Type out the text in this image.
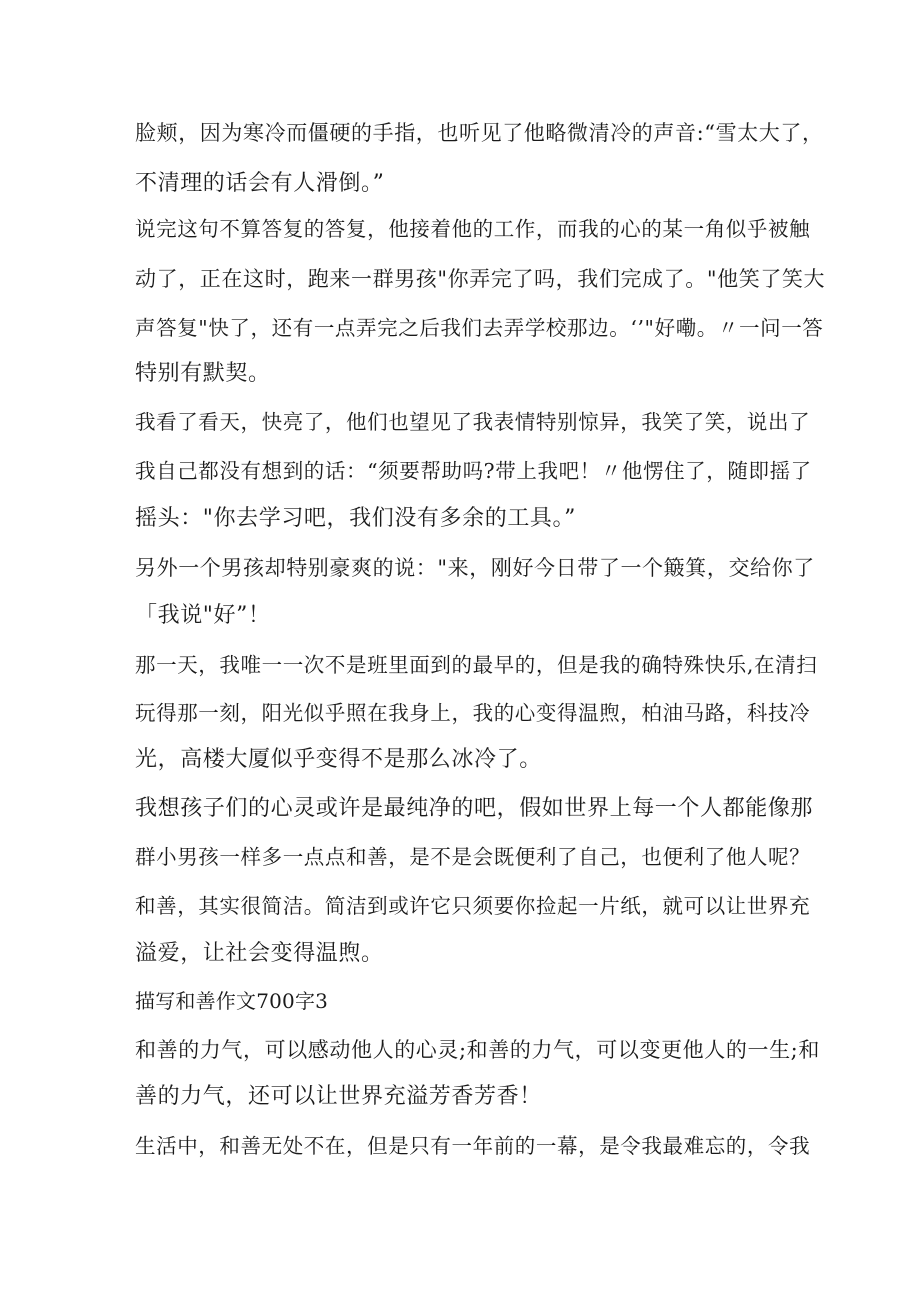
脸颊，因为寒冷而僵硬的手指，也听见了他略微清冷的声音:“雪太大了，
不清理的话会有人滑倒。”
说完这句不算答复的答复，他接着他的工作，而我的心的某一角似乎被触
动了，正在这时，跑来一群男孩"你弄完了吗，我们完成了。"他笑了笑大
声答复"快了，还有一点弄完之后我们去弄学校那边。‘’"好嘞。〃一问一答
特别有默契。
我看了看天，快亮了，他们也望见了我表情特别惊异，我笑了笑，说出了
我自己都没有想到的话：“须要帮助吗?带上我吧！〃他愣住了，随即摇了
摇头："你去学习吧，我们没有多余的工具。”
另外一个男孩却特别豪爽的说："来，刚好今日带了一个簸箕，交给你了
「我说"好”！
那一天，我唯一一次不是班里面到的最早的，但是我的确特殊快乐,在清扫
玩得那一刻，阳光似乎照在我身上，我的心变得温煦，柏油马路，科技冷
光，高楼大厦似乎变得不是那么冰冷了。
我想孩子们的心灵或许是最纯净的吧，假如世界上每一个人都能像那
群小男孩一样多一点点和善，是不是会既便利了自己，也便利了他人呢？
和善，其实很简洁。简洁到或许它只须要你捡起一片纸，就可以让世界充
溢爱，让社会变得温煦。
描写和善作文700字3
和善的力气，可以感动他人的心灵;和善的力气，可以变更他人的一生;和
善的力气，还可以让世界充溢芳香芳香！
生活中，和善无处不在，但是只有一年前的一幕，是令我最难忘的，令我
